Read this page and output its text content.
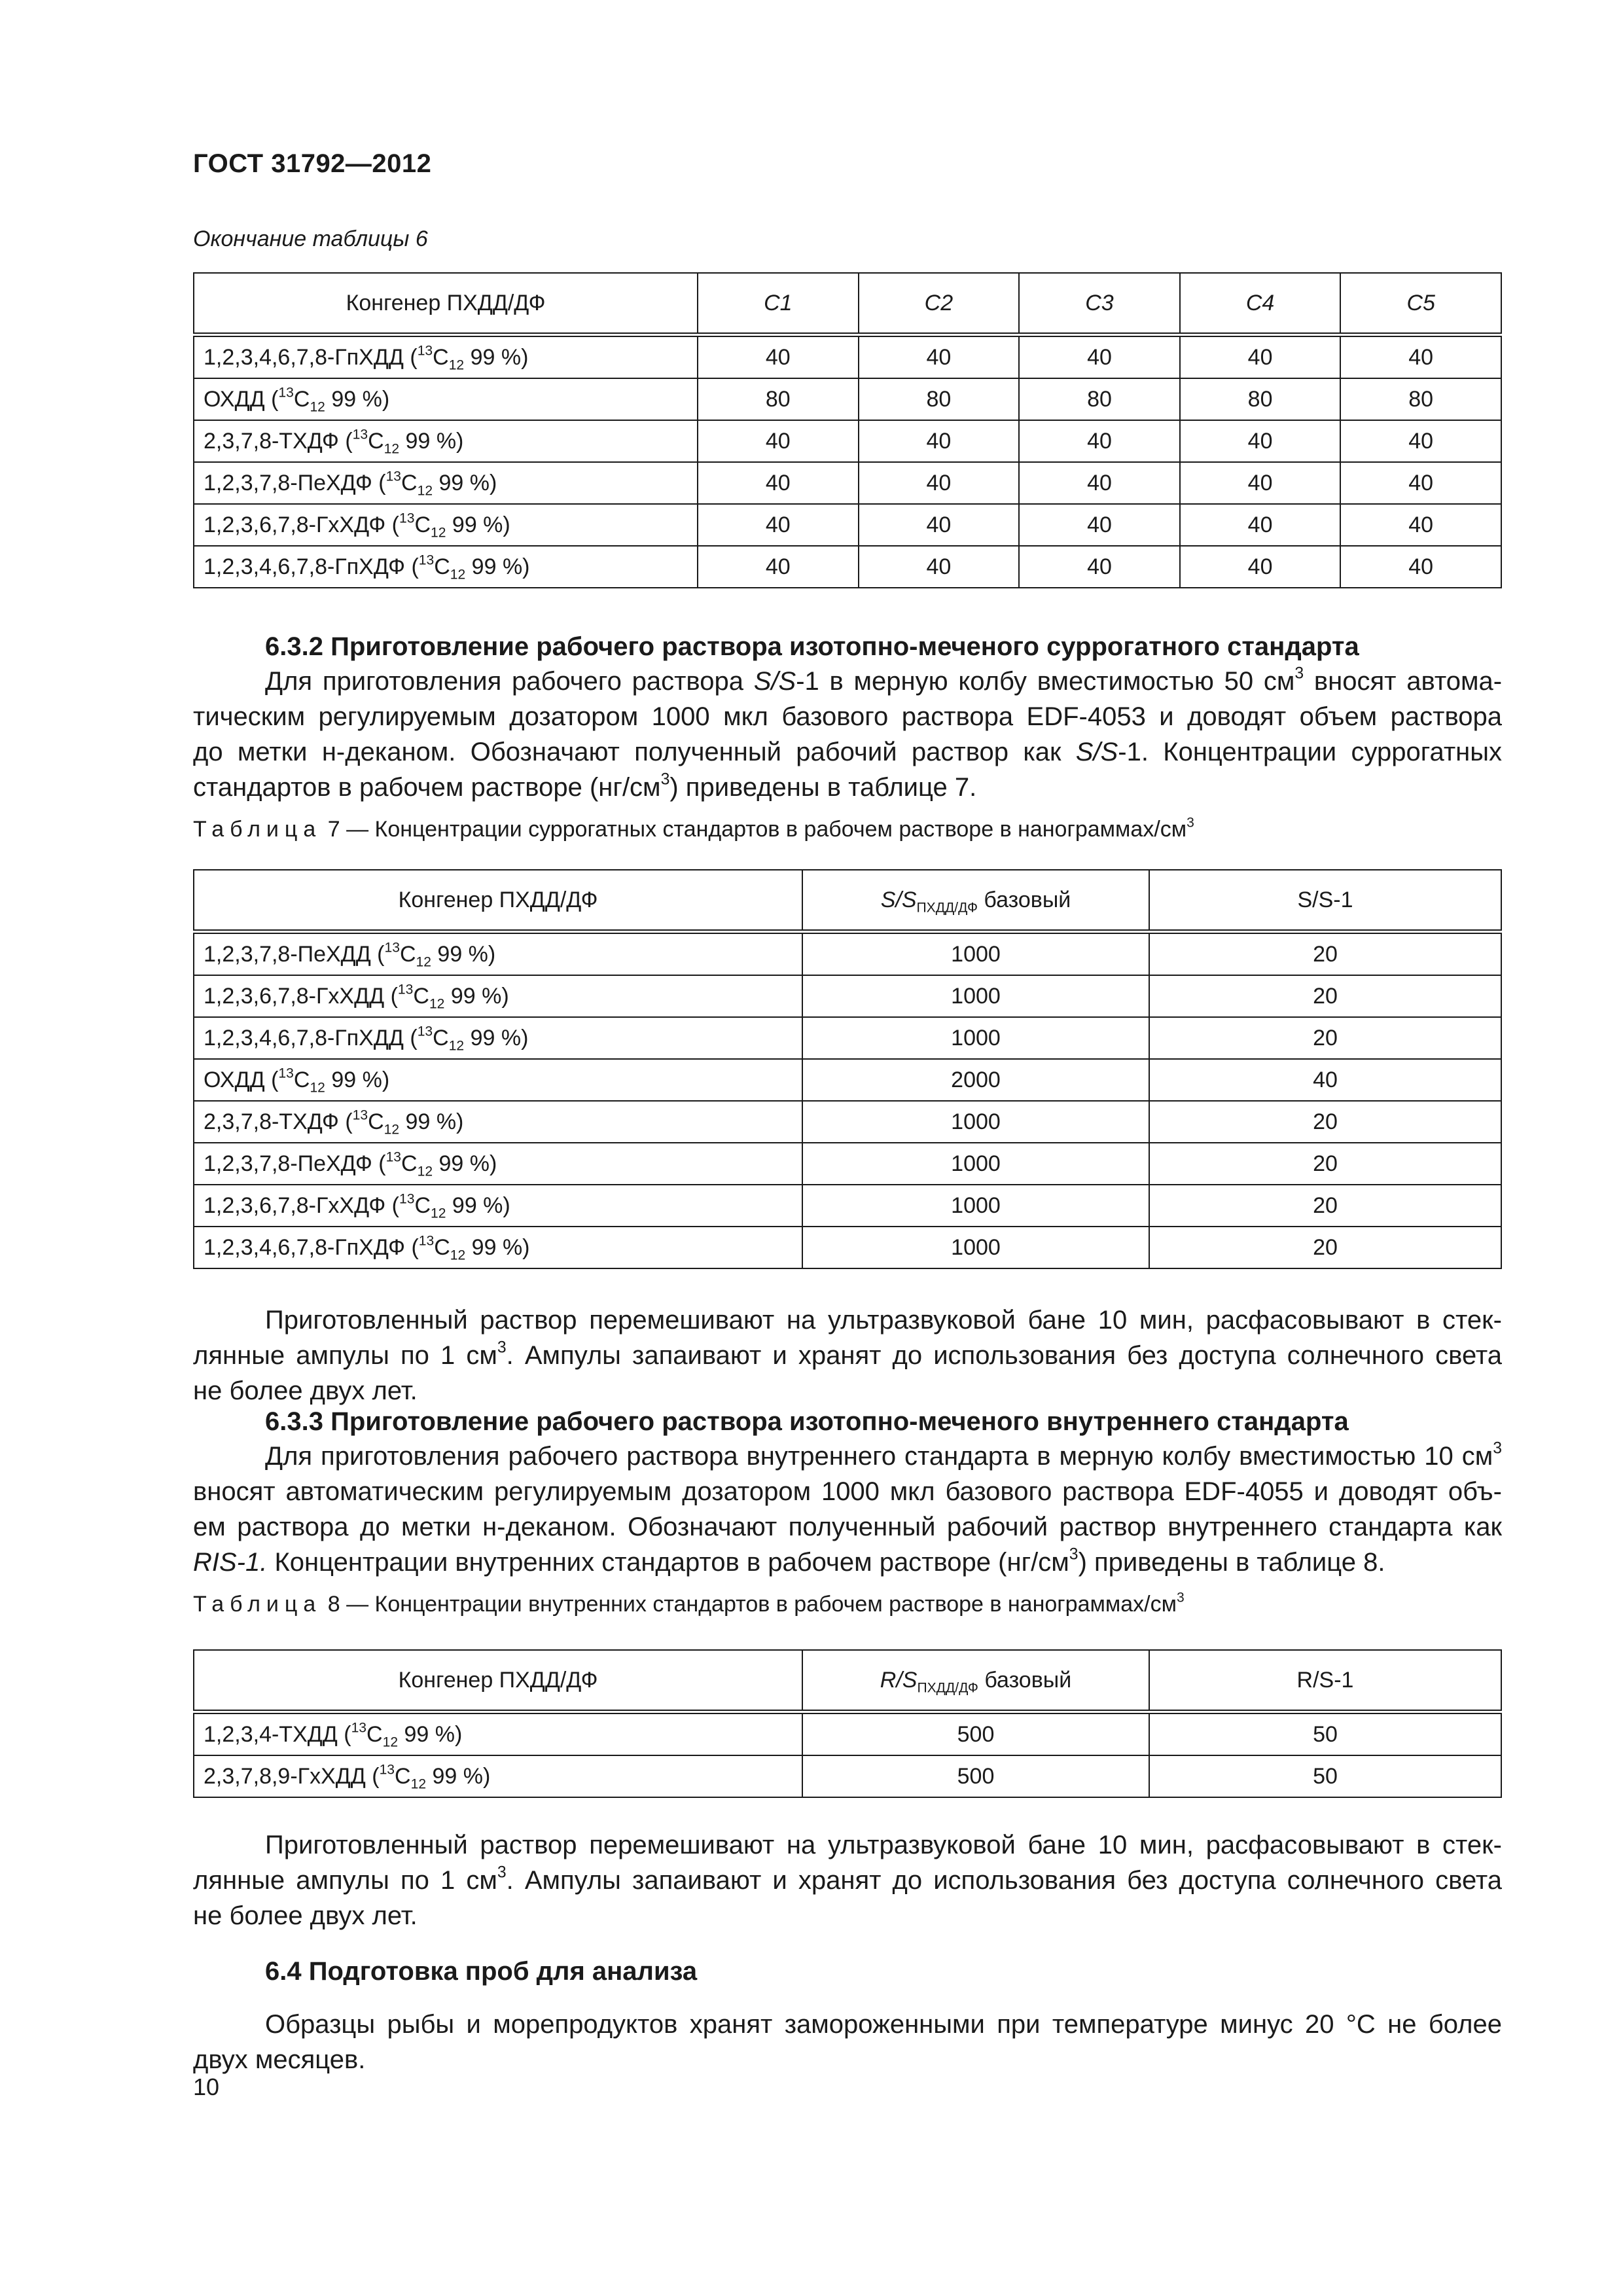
ГОСТ 31792—2012
Окончание таблицы 6
Конгенер ПХДД/ДФ	C1	C2	C3	C4	C5
1,2,3,4,6,7,8-ГпХДД ($^{13}C_{12}$ 99 %)	40	40	40	40	40
ОХДД ($^{13}C_{12}$ 99 %)	80	80	80	80	80
2,3,7,8-ТХДФ ($^{13}C_{12}$ 99 %)	40	40	40	40	40
1,2,3,7,8-ПеХДФ ($^{13}C_{12}$ 99 %)	40	40	40	40	40
1,2,3,6,7,8-ГхХДФ ($^{13}C_{12}$ 99 %)	40	40	40	40	40
1,2,3,4,6,7,8-ГпХДФ ($^{13}C_{12}$ 99 %)	40	40	40	40	40
6.3.2 Приготовление рабочего раствора изотопно-меченого суррогатного стандарта
Для приготовления рабочего раствора S/S-1 в мерную колбу вместимостью 50 $см^3$ вносят автома-
тическим регулируемым дозатором 1000 мкл базового раствора EDF-4053 и доводят объем раствора
до метки н-деканом. Обозначают полученный рабочий раствор как S/S-1. Концентрации суррогатных
стандартов в рабочем растворе $(нг/см^3)$ приведены в таблице 7.
Таблица 7 — Концентрации суррогатных стандартов в рабочем растворе в нанограммах/$см^3$
Конгенер ПХДД/ДФ	$S/S_{ПХДД/ДФ}$ базовый	S/S-1
1,2,3,7,8-ПеХДД ($^{13}C_{12}$ 99 %)	1000	20
1,2,3,6,7,8-ГхХДД ($^{13}C_{12}$ 99 %)	1000	20
1,2,3,4,6,7,8-ГпХДД ($^{13}C_{12}$ 99 %)	1000	20
ОХДД ($^{13}C_{12}$ 99 %)	2000	40
2,3,7,8-ТХДФ ($^{13}C_{12}$ 99 %)	1000	20
1,2,3,7,8-ПеХДФ ($^{13}C_{12}$ 99 %)	1000	20
1,2,3,6,7,8-ГхХДФ ($^{13}C_{12}$ 99 %)	1000	20
1,2,3,4,6,7,8-ГпХДФ ($^{13}C_{12}$ 99 %)	1000	20
Приготовленный раствор перемешивают на ультразвуковой бане 10 мин, расфасовывают в стек-
лянные ампулы по 1 $см^3$. Ампулы запаивают и хранят до использования без доступа солнечного света
не более двух лет.
6.3.3 Приготовление рабочего раствора изотопно-меченого внутреннего стандарта
Для приготовления рабочего раствора внутреннего стандарта в мерную колбу вместимостью 10 $см^3$
вносят автоматическим регулируемым дозатором 1000 мкл базового раствора EDF-4055 и доводят объ-
ем раствора до метки н-деканом. Обозначают полученный рабочий раствор внутреннего стандарта как
RIS-1. Концентрации внутренних стандартов в рабочем растворе $(нг/см^3)$ приведены в таблице 8.
Таблица 8 — Концентрации внутренних стандартов в рабочем растворе в нанограммах/$см^3$
Конгенер ПХДД/ДФ	$R/S_{ПХДД/ДФ}$ базовый	R/S-1
1,2,3,4-ТХДД ($^{13}C_{12}$ 99 %)	500	50
2,3,7,8,9-ГхХДД ($^{13}C_{12}$ 99 %)	500	50
Приготовленный раствор перемешивают на ультразвуковой бане 10 мин, расфасовывают в стек-
лянные ампулы по 1 $см^3$. Ампулы запаивают и хранят до использования без доступа солнечного света
не более двух лет.
6.4 Подготовка проб для анализа
Образцы рыбы и морепродуктов хранят замороженными при температуре минус 20 °С не более
двух месяцев.
10
